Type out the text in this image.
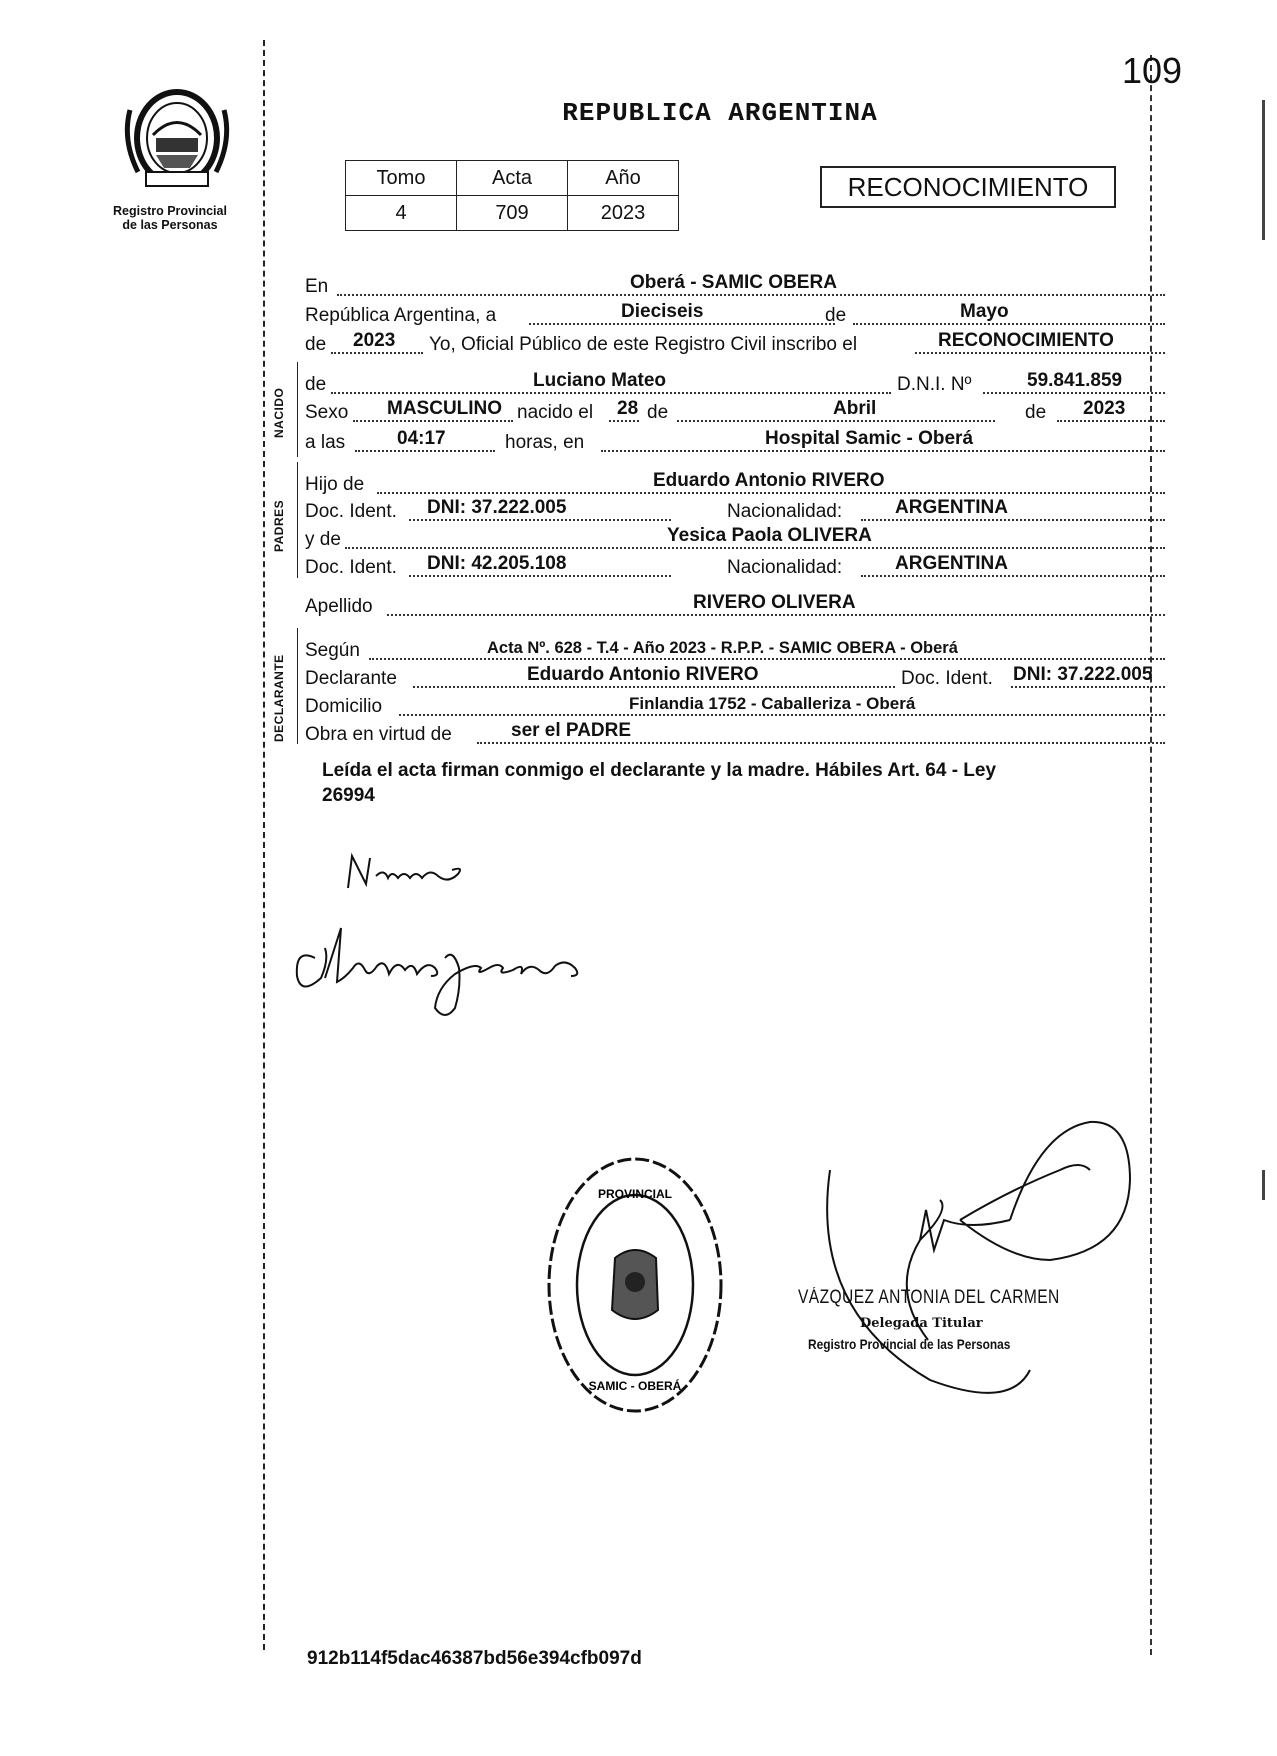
109
Registro Provincial
de las Personas
REPUBLICA ARGENTINA
Tomo	Acta	Año
4	709	2023
RECONOCIMIENTO
En	Oberá - SAMIC OBERA
República Argentina, a	Dieciseis	de	Mayo
de 2023 Yo, Oficial Público de este Registro Civil inscribo el	RECONOCIMIENTO
NACIDO
de	Luciano Mateo	D.N.I. Nº	59.841.859
Sexo MASCULINO nacido el 28 de	Abril	de 2023
a las	04:17	horas, en	Hospital Samic - Oberá
PADRES
Hijo de	Eduardo Antonio RIVERO
Doc. Ident. DNI: 37.222.005	Nacionalidad:	ARGENTINA
y de	Yesica Paola OLIVERA
Doc. Ident. DNI: 42.205.108	Nacionalidad:	ARGENTINA
Apellido	RIVERO OLIVERA
DECLARANTE
Según	Acta Nº. 628 - T.4 - Año 2023 - R.P.P. - SAMIC OBERA - Oberá
Declarante	Eduardo Antonio RIVERO	Doc. Ident. DNI: 37.222.005
Domicilio	Finlandia 1752 - Caballeriza - Oberá
Obra en virtud de	ser el PADRE
Leída el acta firman conmigo el declarante y la madre. Hábiles Art. 64 - Ley
26994
PROVINCIAL
SAMIC - OBERÁ
VÁZQUEZ ANTONIA DEL CARMEN
Delegada Titular
Registro Provincial de las Personas
912b114f5dac46387bd56e394cfb097d
